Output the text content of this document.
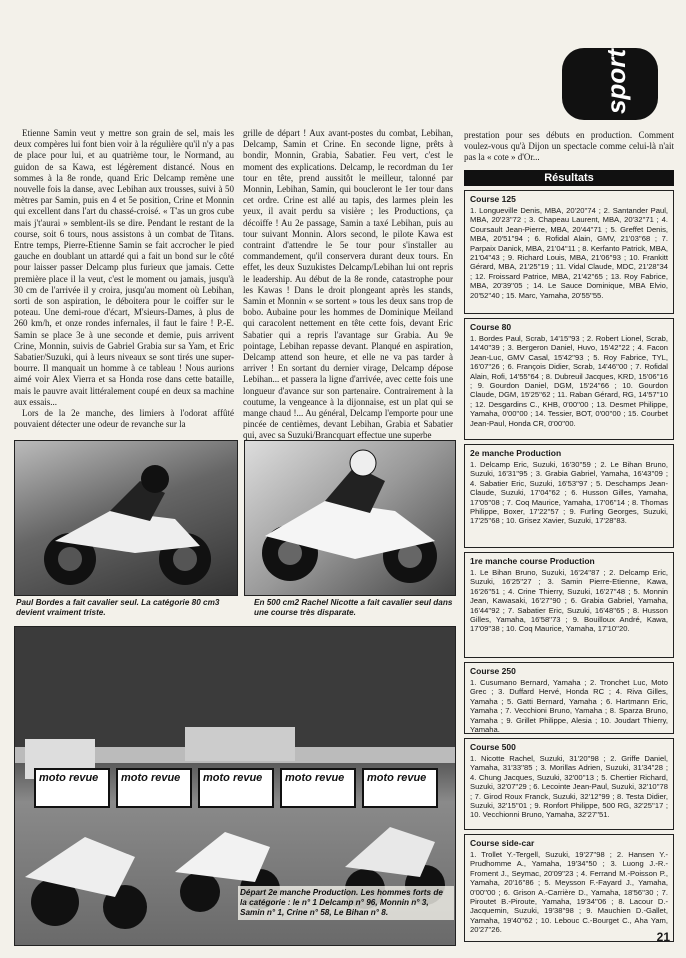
sport

Etienne Samin veut y mettre son grain de sel, mais les deux compères lui font bien voir à la régulière qu'il n'y a pas de place pour lui, et au quatrième tour, le Normand, au guidon de sa Kawa, est légèrement distancé. Nous en sommes à la 8e ronde, quand Eric Delcamp remène une nouvelle fois la danse, avec Lebihan aux trousses, suivi à 50 mètres par Samin, puis en 4 et 5e position, Crine et Monnin qui excellent dans l'art du chassé-croisé. « T'as un gros cube mais j't'aurai » semblent-ils se dire. Pendant le restant de la course, soit 6 tours, nous assistons à un combat de Titans. Entre temps, Pierre-Etienne Samin se fait accrocher le pied gauche en doublant un attardé qui a fait un bond sur le côté pour laisser passer Delcamp plus furieux que jamais. Cette première place il la veut, c'est le moment ou jamais, jusqu'à 30 cm de l'arrivée il y croira, jusqu'au moment où Lebihan, sorti de son aspiration, le déboitera pour le coiffer sur le poteau. Une demi-roue d'écart, M'sieurs-Dames, à plus de 260 km/h, et onze rondes infernales, il faut le faire ! P.-E. Samin se place 3e à une seconde et demie, puis arrivent Crine, Monnin, suivis de Gabriel Grabia sur sa Yam, et Eric Sabatier/Suzuki, qui à leurs niveaux se sont tirés une super-bourre. Il manquait un homme à ce tableau ! Nous aurions aimé voir Alex Vierra et sa Honda rose dans cette bataille, mais le pauvre avait littéralement coupé en deux sa machine aux essais...

Lors de la 2e manche, des limiers à l'odorat affûté pouvaient détecter une odeur de revanche sur la

grille de départ ! Aux avant-postes du combat, Lebihan, Delcamp, Samin et Crine. En seconde ligne, prêts à bondir, Monnin, Grabia, Sabatier. Feu vert, c'est le moment des explications. Delcamp, le recordman du 1er tour en tête, prend aussitôt le meilleur, talonné par Monnin, Lebihan, Samin, qui boucleront le 1er tour dans cet ordre. Crine est allé au tapis, des larmes plein les yeux, il avait perdu sa visière ; les Productions, ça décoiffe ! Au 2e passage, Samin a taxé Lebihan, puis au tour suivant Monnin. Alors second, le pilote Kawa est contraint d'attendre le 5e tour pour s'installer au commandement, qu'il conservera durant deux tours. En effet, les deux Suzukistes Delcamp/Lebihan lui ont repris le leadership. Au début de la 8e ronde, catastrophe pour les Kawas ! Dans le droit plongeant après les stands, Samin et Monnin « se sortent » tous les deux sans trop de bobo. Aubaine pour les hommes de Dominique Meiland qui caracolent nettement en tête cette fois, devant Eric Sabatier qui a repris l'avantage sur Grabia. Au 9e pointage, Lebihan repasse devant. Planqué en aspiration, Delcamp attend son heure, et elle ne va pas tarder à arriver ! En sortant du dernier virage, Delcamp dépose Lebihan... et passera la ligne d'arrivée, avec cette fois une longueur d'avance sur son partenaire. Contrairement à la coutume, la vengeance à la dijonnaise, est un plat qui se mange chaud !... Au général, Delcamp l'emporte pour une pincée de centièmes, devant Lebihan, Grabia et Sabatier qui, avec sa Suzuki/Brancquart effectue une superbe

prestation pour ses débuts en production. Comment voulez-vous qu'à Dijon un spectacle comme celui-là n'ait pas la « cote » d'Or...

Paul Bordes a fait cavalier seul. La catégorie 80 cm3 devient vraiment triste.
En 500 cm2 Rachel Nicotte a fait cavalier seul dans une course très disparate.
moto revue	moto revue	moto revue	moto revue	moto revue
Départ 2e manche Production. Les hommes forts de la catégorie : le n° 1 Delcamp n° 96, Monnin n° 3, Samin n° 1, Crine n° 58, Le Bihan n° 8.
Résultats
Course 125
1. Longueville Denis, MBA, 20'20''74 ; 2. Santander Paul, MBA, 20'23''72 ; 3. Chapeau Laurent, MBA, 20'32''71 ; 4. Coursault Jean-Pierre, MBA, 20'44''71 ; 5. Greffet Denis, MBA, 20'51''94 ; 6. Rofidal Alain, GMV, 21'03''68 ; 7. Parpaix Danick, MBA, 21'04''11 ; 8. Kerfanto Patrick, MBA, 21'04''43 ; 9. Richard Louis, MBA, 21'06''93 ; 10. Frankitt Gérard, MBA, 21'25''19 ; 11. Vidal Claude, MDC, 21'28''34 ; 12. Froissard Patrice, MBA, 21'42''65 ; 13. Roy Fabrice, MBA, 20'39''05 ; 14. Le Sauce Dominique, MBA Elvio, 20'52''40 ; 15. Marc, Yamaha, 20'55''55.
Course 80
1. Bordes Paul, Scrab, 14'15''93 ; 2. Robert Lionel, Scrab, 14'40''39 ; 3. Bergeron Daniel, Huvo, 15'42''22 ; 4. Facon Jean-Luc, GMV Casal, 15'42''93 ; 5. Roy Fabrice, TYL, 16'07''26 ; 6. François Didier, Scrab, 14'46''00 ; 7. Rofidal Alain, Rofi, 14'55''64 ; 8. Dubreuil Jacques, KRD, 15'06''16 ; 9. Gourdon Daniel, DGM, 15'24''66 ; 10. Gourdon Claude, DGM, 15'25''62 ; 11. Raban Gérard, RG, 14'57''10 ; 12. Desgardins C., KHB, 0'00''00 ; 13. Desmet Philippe, Yamaha, 0'00''00 ; 14. Tessier, BOT, 0'00''00 ; 15. Courbet Jean-Paul, Honda CR, 0'00''00.
2e manche Production
1. Delcamp Eric, Suzuki, 16'30''59 ; 2. Le Bihan Bruno, Suzuki, 16'31''95 ; 3. Grabia Gabriel, Yamaha, 16'43''09 ; 4. Sabatier Eric, Suzuki, 16'53''97 ; 5. Deschamps Jean-Claude, Suzuki, 17'04''62 ; 6. Husson Gilles, Yamaha, 17'05''08 ; 7. Coq Maurice, Yamaha, 17'06''14 ; 8. Thomas Philippe, Boxer, 17'22''57 ; 9. Furling Georges, Suzuki, 17'25''68 ; 10. Grisez Xavier, Suzuki, 17'28''83.
1re manche course Production
1. Le Bihan Bruno, Suzuki, 16'24''87 ; 2. Delcamp Eric, Suzuki, 16'25''27 ; 3. Samin Pierre-Etienne, Kawa, 16'26''51 ; 4. Crine Thierry, Suzuki, 16'27''48 ; 5. Monnin Jean, Kawasaki, 16'27''90 ; 6. Grabia Gabriel, Yamaha, 16'44''92 ; 7. Sabatier Eric, Suzuki, 16'48''65 ; 8. Husson Gilles, Yamaha, 16'58''73 ; 9. Bouilloux André, Kawa, 17'09''38 ; 10. Coq Maurice, Yamaha, 17'10''20.
Course 250
1. Cusumano Bernard, Yamaha ; 2. Tronchet Luc, Moto Grec ; 3. Duffard Hervé, Honda RC ; 4. Riva Gilles, Yamaha ; 5. Gatti Bernard, Yamaha ; 6. Hartmann Eric, Yamaha ; 7. Vecchioni Bruno, Yamaha ; 8. Sparza Bruno, Yamaha ; 9. Grillet Philippe, Alesia ; 10. Joudart Thierry, Yamaha.
Course 500
1. Nicotte Rachel, Suzuki, 31'20''98 ; 2. Griffe Daniel, Yamaha, 31'33''85 ; 3. Morillas Adrien, Suzuki, 31'34''28 ; 4. Chung Jacques, Suzuki, 32'00''13 ; 5. Chertier Richard, Suzuki, 32'07''29 ; 6. Lecointe Jean-Paul, Suzuki, 32'10''78 ; 7. Girod Roux Franck, Suzuki, 32'12''99 ; 8. Testa Didier, Suzuki, 32'15''01 ; 9. Ronfort Philippe, 500 RG, 32'25''17 ; 10. Vecchionni Bruno, Yamaha, 32'27''51.
Course side-car
1. Trollet Y.-Tergell, Suzuki, 19'27''98 ; 2. Hansen Y.-Prudhomme A., Yamaha, 19'34''50 ; 3. Luong J.-R.-Froment J., Seymac, 20'09''23 ; 4. Ferrand M.-Poisson P., Yamaha, 20'16''86 ; 5. Meysson F.-Fayard J., Yamaha, 0'00''00 ; 6. Grison A.-Carrière D., Yamaha, 18'56''30 ; 7. Piroutet B.-Piroute, Yamaha, 19'34''06 ; 8. Lacour D.-Jacquemin, Suzuki, 19'38''98 ; 9. Mauchien D.-Gallet, Yamaha, 19'40''62 ; 10. Lebouc C.-Bourget C., Aha Yam, 20'27''26.
21
